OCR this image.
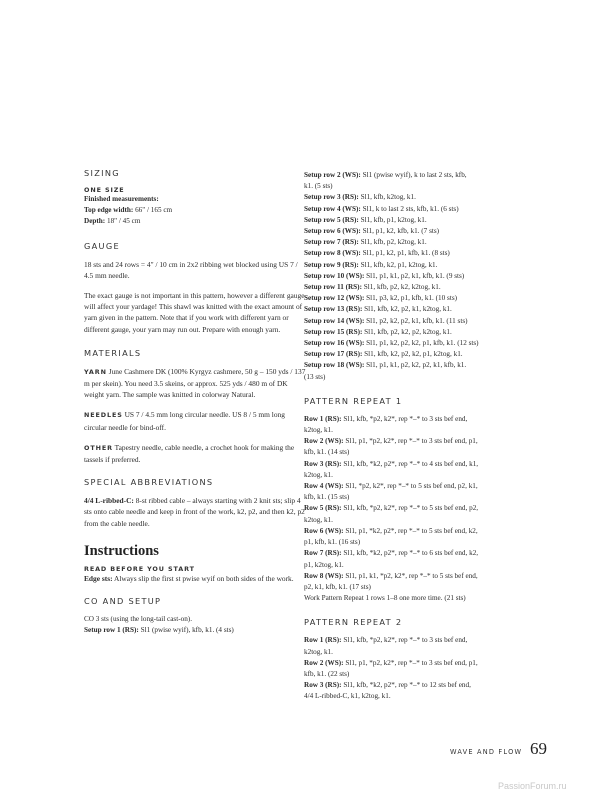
SIZING
ONE SIZE
Finished measurements:
Top edge width: 66" / 165 cm
Depth: 18" / 45 cm
GAUGE

18 sts and 24 rows = 4" / 10 cm in 2x2 ribbing wet blocked using US 7 / 4.5 mm needle.

The exact gauge is not important in this pattern, however a different gauge will affect your yardage! This shawl was knitted with the exact amount of yarn given in the pattern. Note that if you work with different yarn or different gauge, your yarn may run out. Prepare with enough yarn.

MATERIALS

YARN June Cashmere DK (100% Kyrgyz cashmere, 50 g – 150 yds / 137 m per skein). You need 3.5 skeins, or approx. 525 yds / 480 m of DK weight yarn. The sample was knitted in colorway Natural.

NEEDLES US 7 / 4.5 mm long circular needle. US 8 / 5 mm long circular needle for bind-off.

OTHER Tapestry needle, cable needle, a crochet hook for making the tassels if preferred.

SPECIAL ABBREVIATIONS

4/4 L-ribbed-C: 8-st ribbed cable – always starting with 2 knit sts; slip 4 sts onto cable needle and keep in front of the work, k2, p2, and then k2, p2 from the cable needle.

Instructions
READ BEFORE YOU START

Edge sts: Always slip the first st pwise wyif on both sides of the work.

CO AND SETUP
CO 3 sts (using the long-tail cast-on).
Setup row 1 (RS): Sl1 (pwise wyif), kfb, k1. (4 sts)
Setup row 2 (WS): Sl1 (pwise wyif), k to last 2 sts, kfb,
k1. (5 sts)
Setup row 3 (RS): Sl1, kfb, k2tog, k1.
Setup row 4 (WS): Sl1, k to last 2 sts, kfb, k1. (6 sts)
Setup row 5 (RS): Sl1, kfb, p1, k2tog, k1.
Setup row 6 (WS): Sl1, p1, k2, kfb, k1. (7 sts)
Setup row 7 (RS): Sl1, kfb, p2, k2tog, k1.
Setup row 8 (WS): Sl1, p1, k2, p1, kfb, k1. (8 sts)
Setup row 9 (RS): Sl1, kfb, k2, p1, k2tog, k1.
Setup row 10 (WS): Sl1, p1, k1, p2, k1, kfb, k1. (9 sts)
Setup row 11 (RS): Sl1, kfb, p2, k2, k2tog, k1.
Setup row 12 (WS): Sl1, p3, k2, p1, kfb, k1. (10 sts)
Setup row 13 (RS): Sl1, kfb, k2, p2, k1, k2tog, k1.
Setup row 14 (WS): Sl1, p2, k2, p2, k1, kfb, k1. (11 sts)
Setup row 15 (RS): Sl1, kfb, p2, k2, p2, k2tog, k1.
Setup row 16 (WS): Sl1, p1, k2, p2, k2, p1, kfb, k1. (12 sts)
Setup row 17 (RS): Sl1, kfb, k2, p2, k2, p1, k2tog, k1.
Setup row 18 (WS): Sl1, p1, k1, p2, k2, p2, k1, kfb, k1.
(13 sts)
PATTERN REPEAT 1
Row 1 (RS): Sl1, kfb, *p2, k2*, rep *–* to 3 sts bef end,
k2tog, k1.
Row 2 (WS): Sl1, p1, *p2, k2*, rep *–* to 3 sts bef end, p1,
kfb, k1. (14 sts)
Row 3 (RS): Sl1, kfb, *k2, p2*, rep *–* to 4 sts bef end, k1,
k2tog, k1.
Row 4 (WS): Sl1, *p2, k2*, rep *–* to 5 sts bef end, p2, k1,
kfb, k1. (15 sts)
Row 5 (RS): Sl1, kfb, *p2, k2*, rep *–* to 5 sts bef end, p2,
k2tog, k1.
Row 6 (WS): Sl1, p1, *k2, p2*, rep *–* to 5 sts bef end, k2,
p1, kfb, k1. (16 sts)
Row 7 (RS): Sl1, kfb, *k2, p2*, rep *–* to 6 sts bef end, k2,
p1, k2tog, k1.
Row 8 (WS): Sl1, p1, k1, *p2, k2*, rep *–* to 5 sts bef end,
p2, k1, kfb, k1. (17 sts)
Work Pattern Repeat 1 rows 1–8 one more time. (21 sts)
PATTERN REPEAT 2
Row 1 (RS): Sl1, kfb, *p2, k2*, rep *–* to 3 sts bef end,
k2tog, k1.
Row 2 (WS): Sl1, p1, *p2, k2*, rep *–* to 3 sts bef end, p1,
kfb, k1. (22 sts)
Row 3 (RS): Sl1, kfb, *k2, p2*, rep *–* to 12 sts bef end,
4/4 L-ribbed-C, k1, k2tog, k1.
WAVE AND FLOW 69
PassionForum.ru
